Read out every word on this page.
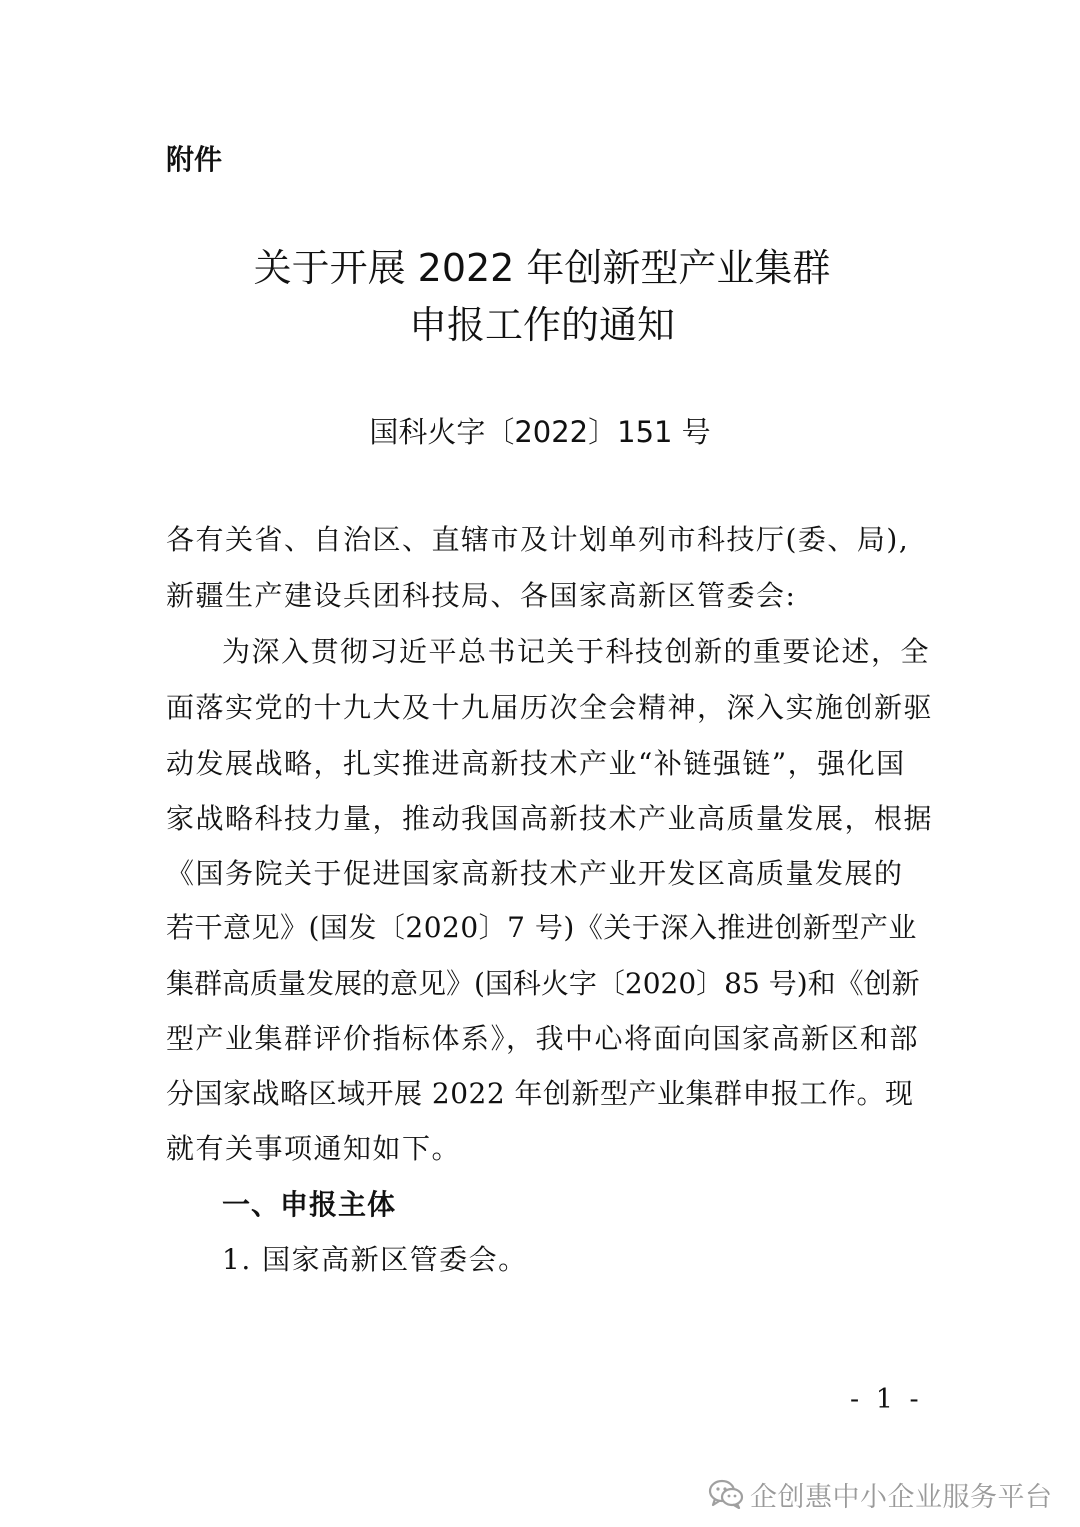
附件
关于开展 2022 年创新型产业集群
申报工作的通知
国科火字〔2022〕151 号
各有关省、自治区、直辖市及计划单列市科技厅(委、局),
新疆生产建设兵团科技局、各国家高新区管委会:
为深入贯彻习近平总书记关于科技创新的重要论述，全
面落实党的十九大及十九届历次全会精神，深入实施创新驱
动发展战略，扎实推进高新技术产业“补链强链”，强化国
家战略科技力量，推动我国高新技术产业高质量发展，根据
《国务院关于促进国家高新技术产业开发区高质量发展的
若干意见》(国发〔2020〕7 号)《关于深入推进创新型产业
集群高质量发展的意见》(国科火字〔2020〕85 号)和《创新
型产业集群评价指标体系》，我中心将面向国家高新区和部
分国家战略区域开展 2022 年创新型产业集群申报工作。现
就有关事项通知如下。
一、申报主体
1. 国家高新区管委会。
- 1 -
企创惠中小企业服务平台
